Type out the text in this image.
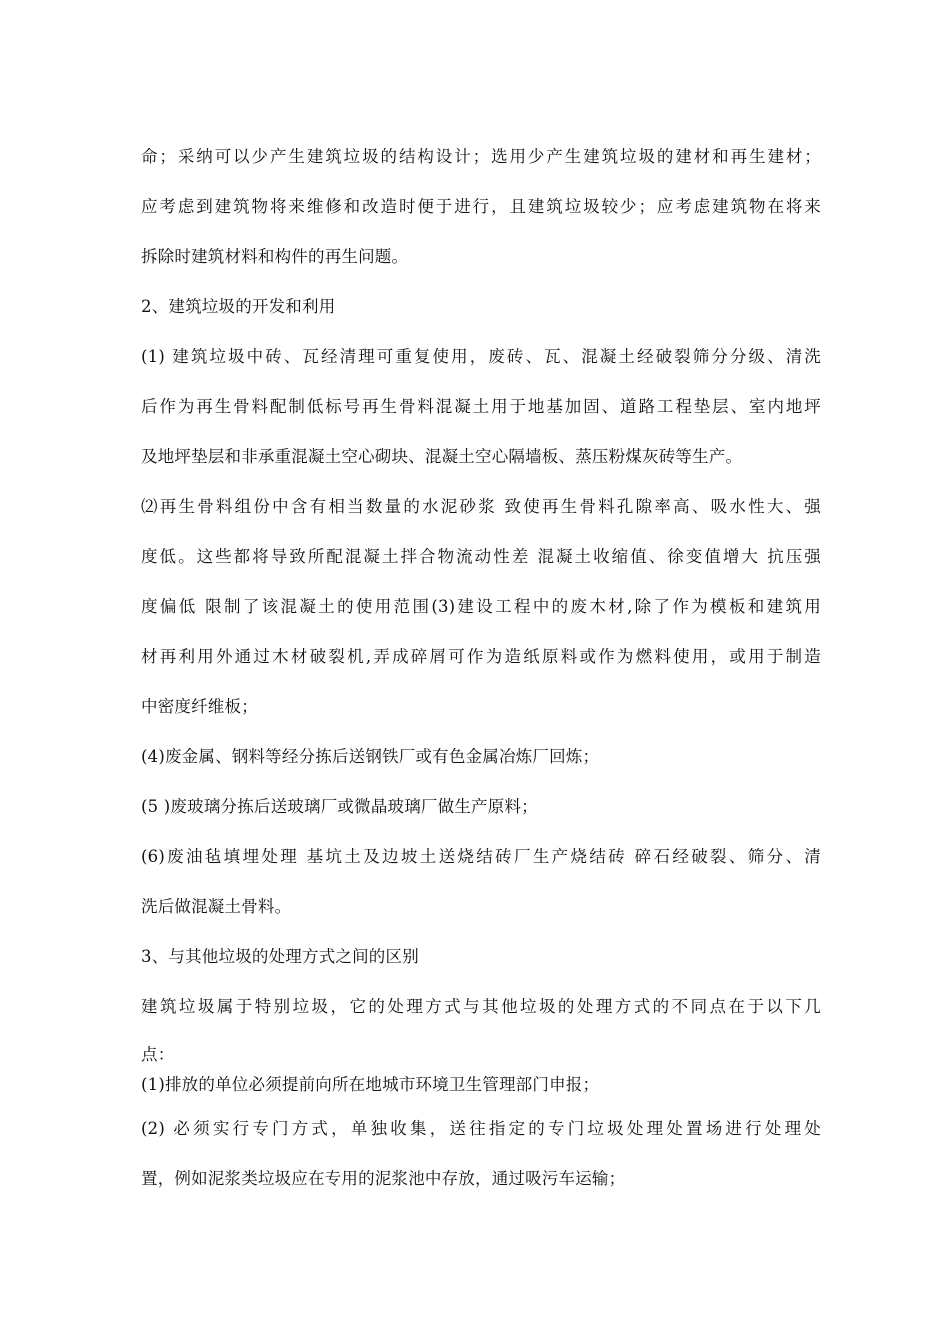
命；采纳可以少产生建筑垃圾的结构设计；选用少产生建筑垃圾的建材和再生建材；
应考虑到建筑物将来维修和改造时便于进行，且建筑垃圾较少；应考虑建筑物在将来
拆除时建筑材料和构件的再生问题。
2、建筑垃圾的开发和利用
(1) 建筑垃圾中砖、瓦经清理可重复使用，废砖、瓦、混凝土经破裂筛分分级、清洗
后作为再生骨料配制低标号再生骨料混凝土用于地基加固、道路工程垫层、室内地坪
及地坪垫层和非承重混凝土空心砌块、混凝土空心隔墙板、蒸压粉煤灰砖等生产。
⑵再生骨料组份中含有相当数量的水泥砂浆 致使再生骨料孔隙率高、吸水性大、强
度低。这些都将导致所配混凝土拌合物流动性差 混凝土收缩值、徐变值增大 抗压强
度偏低 限制了该混凝土的使用范围(3)建设工程中的废木材,除了作为模板和建筑用
材再利用外通过木材破裂机,弄成碎屑可作为造纸原料或作为燃料使用，或用于制造
中密度纤维板；
(4)废金属、钢料等经分拣后送钢铁厂或有色金属冶炼厂回炼；
(5 )废玻璃分拣后送玻璃厂或微晶玻璃厂做生产原料；
(6)废油毡填埋处理 基坑土及边坡土送烧结砖厂生产烧结砖 碎石经破裂、筛分、清
洗后做混凝土骨料。
3、与其他垃圾的处理方式之间的区别
建筑垃圾属于特别垃圾，它的处理方式与其他垃圾的处理方式的不同点在于以下几
点：
(1)排放的单位必须提前向所在地城市环境卫生管理部门申报；
(2) 必须实行专门方式，单独收集，送往指定的专门垃圾处理处置场进行处理处
置，例如泥浆类垃圾应在专用的泥浆池中存放，通过吸污车运输；
